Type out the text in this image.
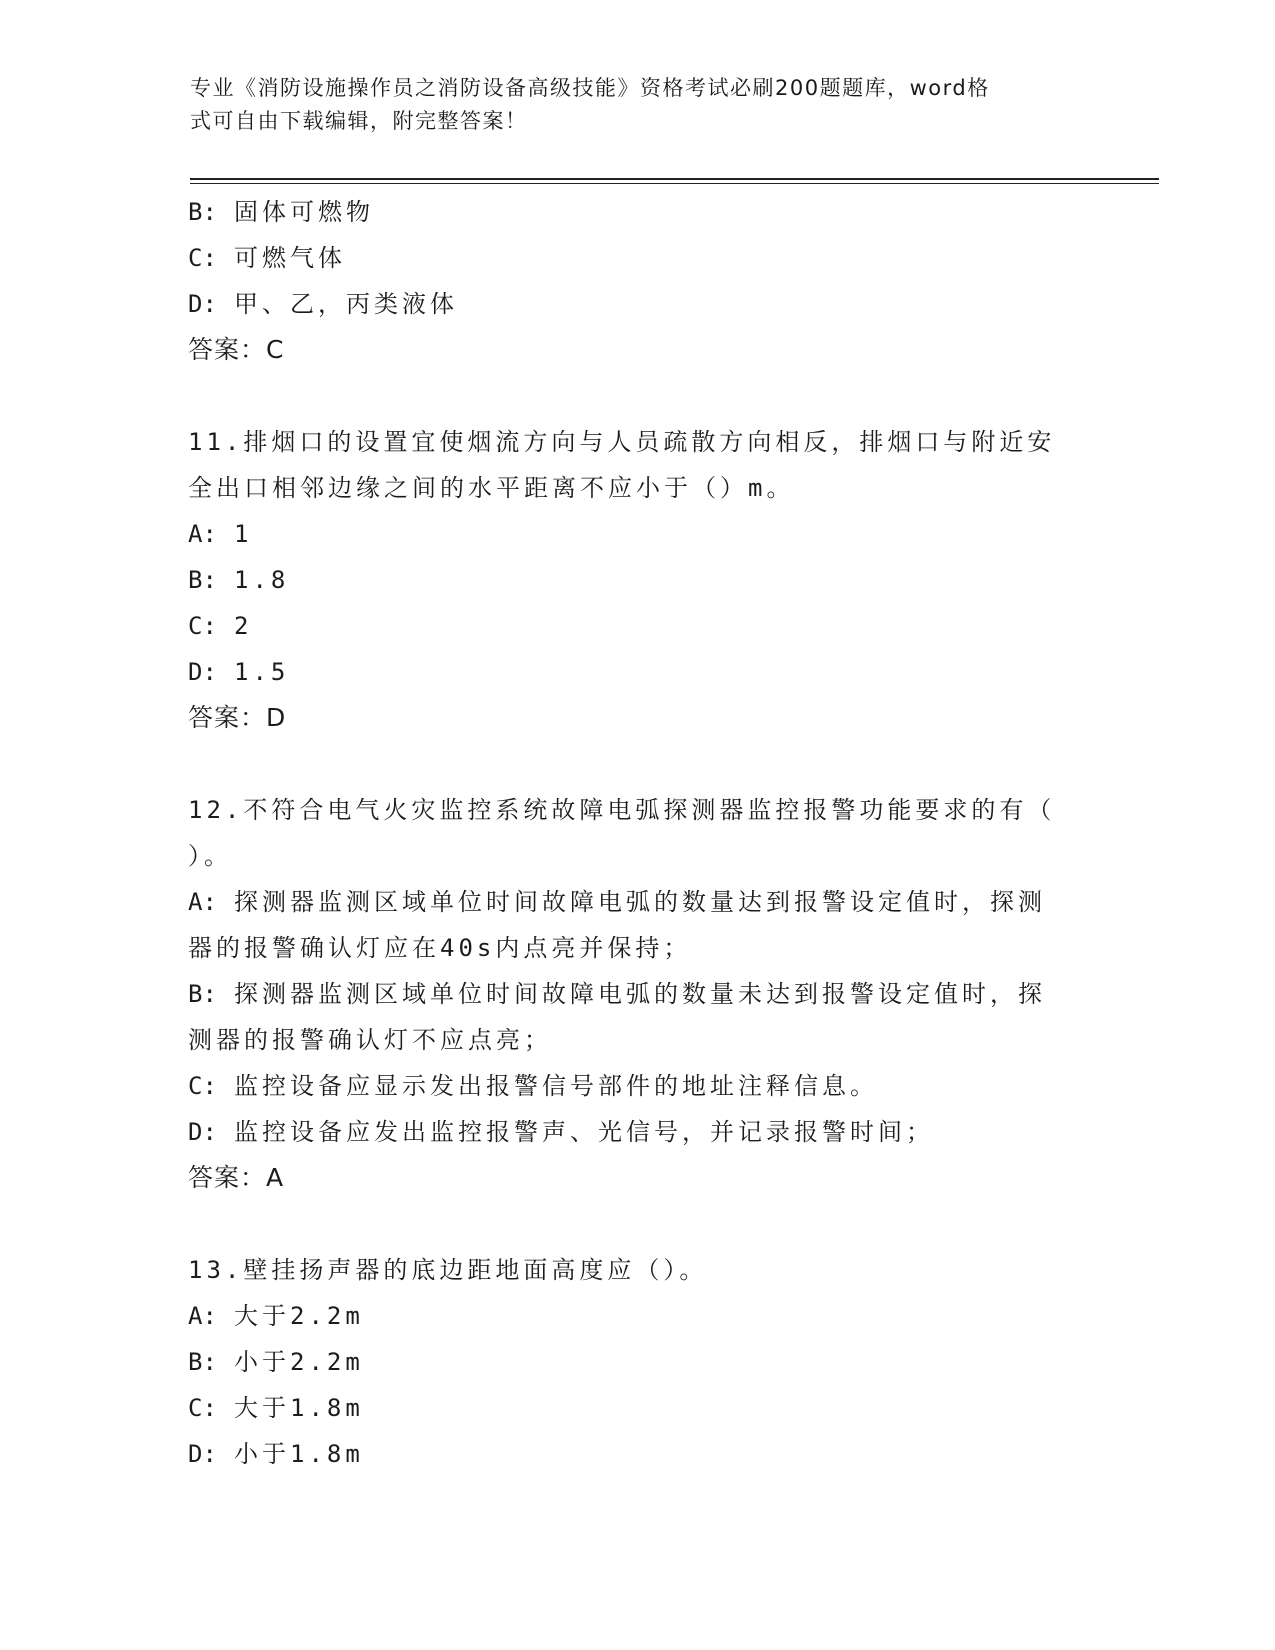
专业《消防设施操作员之消防设备高级技能》资格考试必刷200题题库，word格
式可自由下载编辑，附完整答案！
B: 固体可燃物
C: 可燃气体
D: 甲、乙，丙类液体
答案：C
11.排烟口的设置宜使烟流方向与人员疏散方向相反，排烟口与附近安
全出口相邻边缘之间的水平距离不应小于（）m。
A: 1
B: 1.8
C: 2
D: 1.5
答案：D
12.不符合电气火灾监控系统故障电弧探测器监控报警功能要求的有（
）。
A: 探测器监测区域单位时间故障电弧的数量达到报警设定值时，探测
器的报警确认灯应在40s内点亮并保持；
B: 探测器监测区域单位时间故障电弧的数量未达到报警设定值时，探
测器的报警确认灯不应点亮；
C: 监控设备应显示发出报警信号部件的地址注释信息。
D: 监控设备应发出监控报警声、光信号，并记录报警时间；
答案：A
13.壁挂扬声器的底边距地面高度应（）。
A: 大于2.2m
B: 小于2.2m
C: 大于1.8m
D: 小于1.8m
